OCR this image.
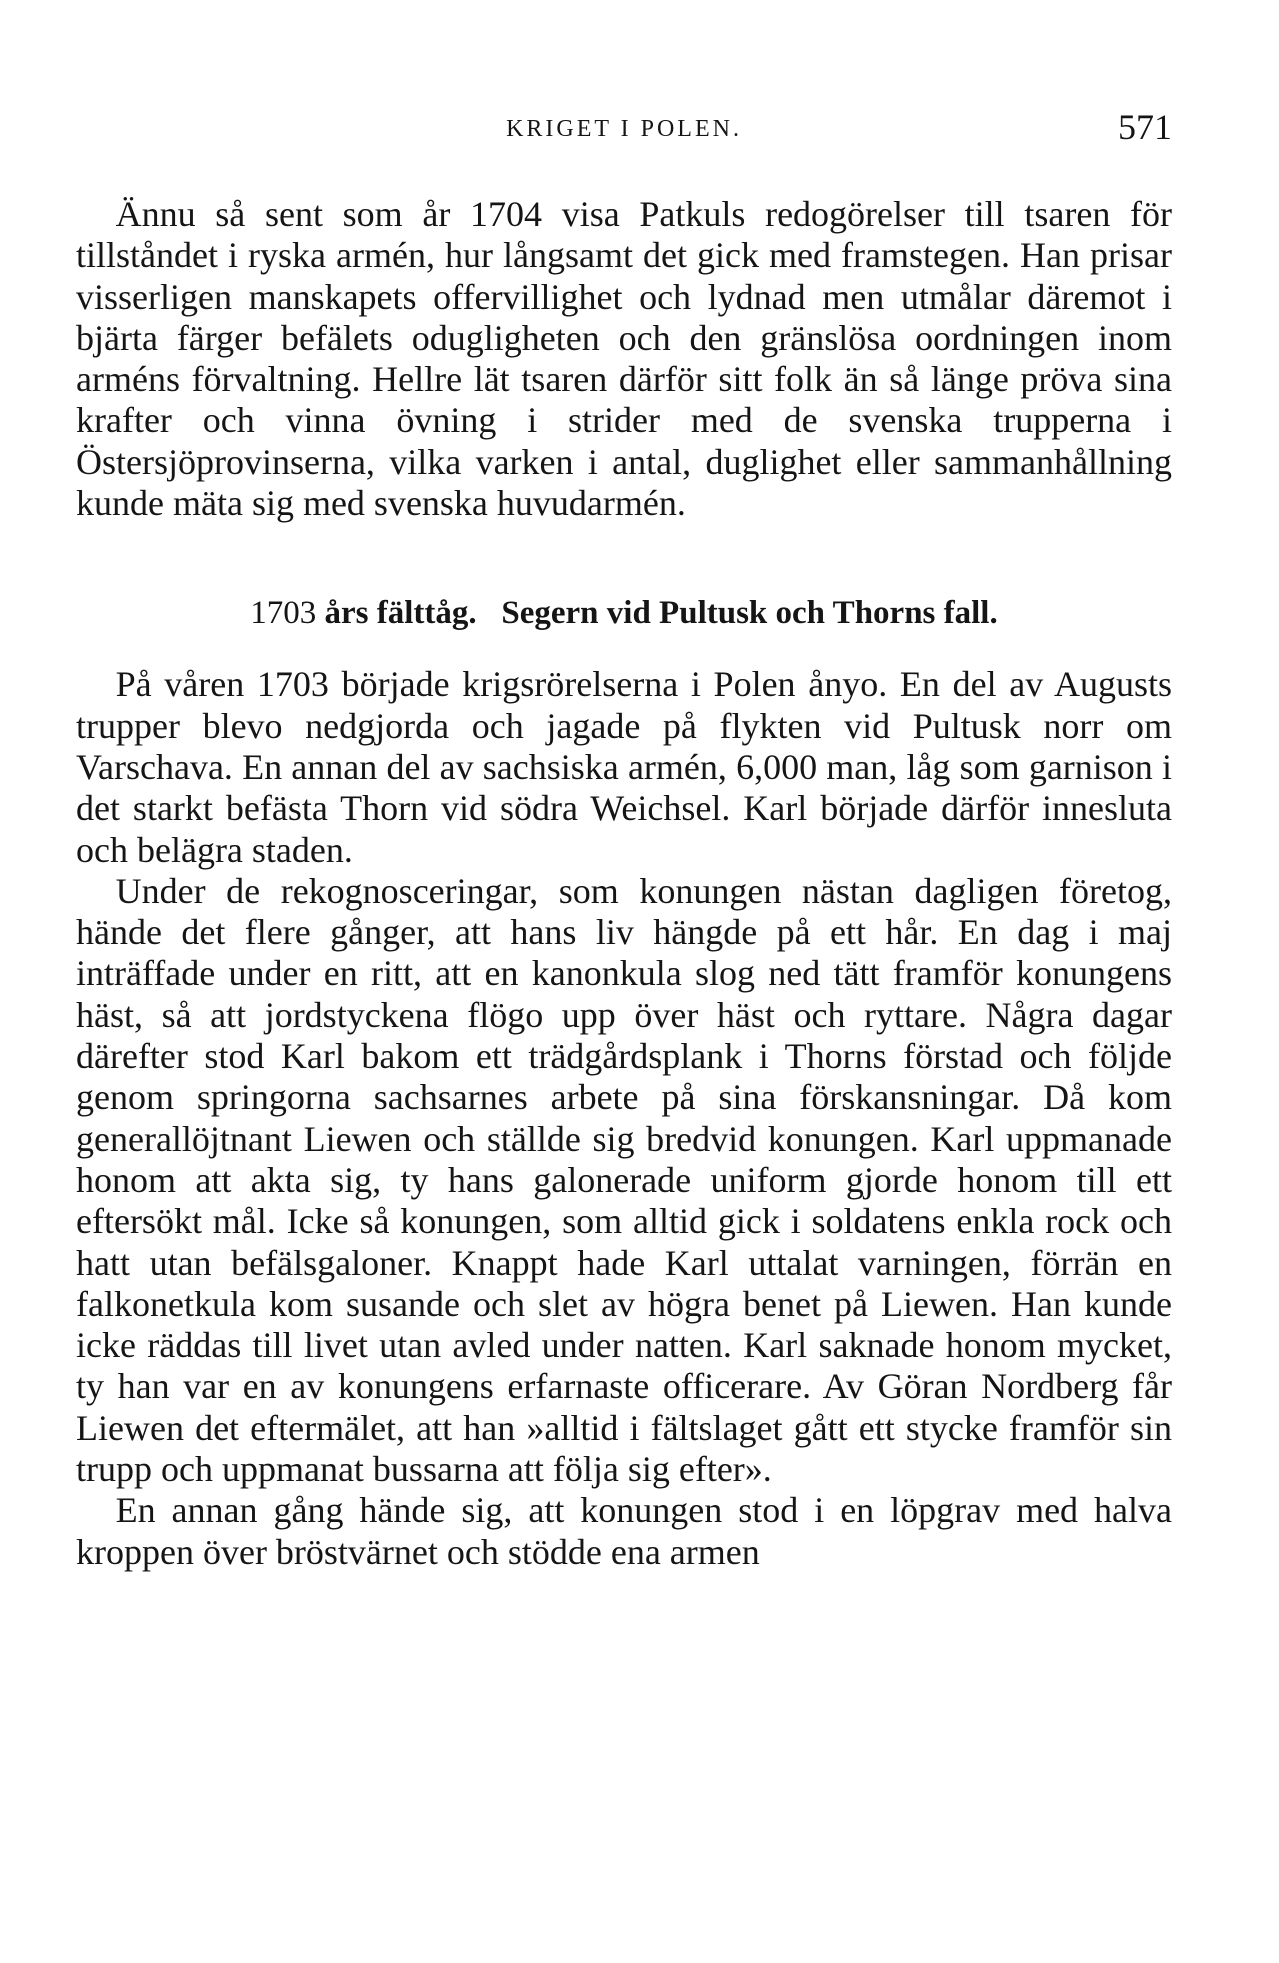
KRIGET I POLEN.	571

Ännu så sent som år 1704 visa Patkuls redogörelser till tsaren för tillståndet i ryska armén, hur långsamt det gick med framstegen. Han prisar visserligen manskapets offervillighet och lydnad men utmålar däremot i bjärta färger befälets odugligheten och den gränslösa oordningen inom arméns förvaltning. Hellre lät tsaren därför sitt folk än så länge pröva sina krafter och vinna övning i strider med de svenska trupperna i Östersjöprovinserna, vilka varken i antal, duglighet eller sammanhållning kunde mäta sig med svenska huvudarmén.

1703 års fälttåg.   Segern vid Pultusk och Thorns fall.

På våren 1703 började krigsrörelserna i Polen ånyo. En del av Augusts trupper blevo nedgjorda och jagade på flykten vid Pultusk norr om Varschava. En annan del av sachsiska armén, 6,000 man, låg som garnison i det starkt befästa Thorn vid södra Weichsel. Karl började därför innesluta och belägra staden.

Under de rekognosceringar, som konungen nästan dagligen företog, hände det flere gånger, att hans liv hängde på ett hår. En dag i maj inträffade under en ritt, att en kanonkula slog ned tätt framför konungens häst, så att jordstyckena flögo upp över häst och ryttare. Några dagar därefter stod Karl bakom ett trädgårdsplank i Thorns förstad och följde genom springorna sachsarnes arbete på sina förskansningar. Då kom generallöjtnant Liewen och ställde sig bredvid konungen. Karl uppmanade honom att akta sig, ty hans galonerade uniform gjorde honom till ett eftersökt mål. Icke så konungen, som alltid gick i soldatens enkla rock och hatt utan befälsgaloner. Knappt hade Karl uttalat varningen, förrän en falkonetkula kom susande och slet av högra benet på Liewen. Han kunde icke räddas till livet utan avled under natten. Karl saknade honom mycket, ty han var en av konungens erfarnaste officerare. Av Göran Nordberg får Liewen det eftermälet, att han »alltid i fältslaget gått ett stycke framför sin trupp och uppmanat bussarna att följa sig efter».

En annan gång hände sig, att konungen stod i en löpgrav med halva kroppen över bröstvärnet och stödde ena armen
